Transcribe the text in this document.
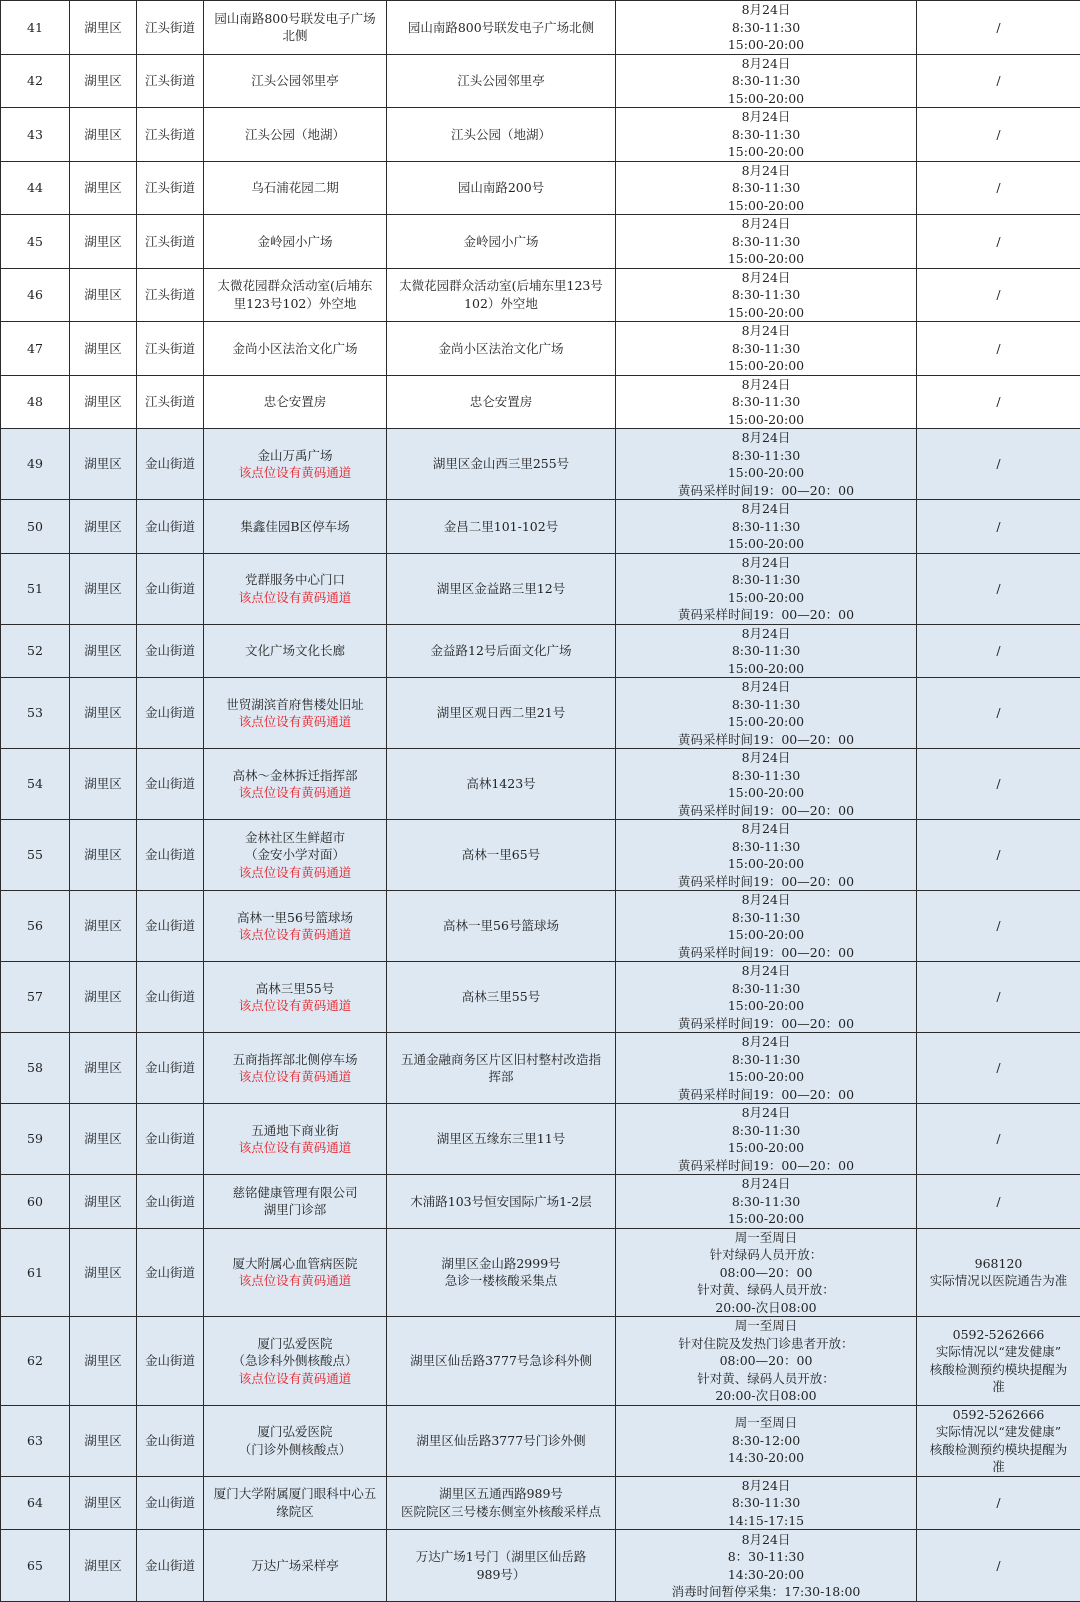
41	湖里区	江头街道	园山南路800号联发电子广场
北侧	园山南路800号联发电子广场北侧	8月24日
8:30-11:30
15:00-20:00	/

42	湖里区	江头街道	江头公园邻里亭	江头公园邻里亭	8月24日
8:30-11:30
15:00-20:00	/

43	湖里区	江头街道	江头公园（地湖）	江头公园（地湖）	8月24日
8:30-11:30
15:00-20:00	/

44	湖里区	江头街道	乌石浦花园二期	园山南路200号	8月24日
8:30-11:30
15:00-20:00	/

45	湖里区	江头街道	金岭园小广场	金岭园小广场	8月24日
8:30-11:30
15:00-20:00	/

46	湖里区	江头街道	太微花园群众活动室(后埔东
里123号102）外空地	太微花园群众活动室(后埔东里123号
102）外空地	8月24日
8:30-11:30
15:00-20:00	/

47	湖里区	江头街道	金尚小区法治文化广场	金尚小区法治文化广场	8月24日
8:30-11:30
15:00-20:00	/

48	湖里区	江头街道	忠仑安置房	忠仑安置房	8月24日
8:30-11:30
15:00-20:00	/

49	湖里区	金山街道	金山万禹广场
该点位设有黄码通道	湖里区金山西三里255号	8月24日
8:30-11:30
15:00-20:00
黄码采样时间19：00—20：00	/

50	湖里区	金山街道	集鑫佳园B区停车场	金昌二里101-102号	8月24日
8:30-11:30
15:00-20:00	/

51	湖里区	金山街道	党群服务中心门口
该点位设有黄码通道	湖里区金益路三里12号	8月24日
8:30-11:30
15:00-20:00
黄码采样时间19：00—20：00	/

52	湖里区	金山街道	文化广场文化长廊	金益路12号后面文化广场	8月24日
8:30-11:30
15:00-20:00	/

53	湖里区	金山街道	世贸湖滨首府售楼处旧址
该点位设有黄码通道	湖里区观日西二里21号	8月24日
8:30-11:30
15:00-20:00
黄码采样时间19：00—20：00	/

54	湖里区	金山街道	高林～金林拆迁指挥部
该点位设有黄码通道	高林1423号	8月24日
8:30-11:30
15:00-20:00
黄码采样时间19：00—20：00	/

55	湖里区	金山街道	金林社区生鲜超市
（金安小学对面）
该点位设有黄码通道	高林一里65号	8月24日
8:30-11:30
15:00-20:00
黄码采样时间19：00—20：00	/

56	湖里区	金山街道	高林一里56号篮球场
该点位设有黄码通道	高林一里56号篮球场	8月24日
8:30-11:30
15:00-20:00
黄码采样时间19：00—20：00	/

57	湖里区	金山街道	高林三里55号
该点位设有黄码通道	高林三里55号	8月24日
8:30-11:30
15:00-20:00
黄码采样时间19：00—20：00	/

58	湖里区	金山街道	五商指挥部北侧停车场
该点位设有黄码通道	五通金融商务区片区旧村整村改造指
挥部	8月24日
8:30-11:30
15:00-20:00
黄码采样时间19：00—20：00	/

59	湖里区	金山街道	五通地下商业街
该点位设有黄码通道	湖里区五缘东三里11号	8月24日
8:30-11:30
15:00-20:00
黄码采样时间19：00—20：00	/

60	湖里区	金山街道	慈铭健康管理有限公司
湖里门诊部	木浦路103号恒安国际广场1-2层	8月24日
8:30-11:30
15:00-20:00	/

61	湖里区	金山街道	厦大附属心血管病医院
该点位设有黄码通道	湖里区金山路2999号
急诊一楼核酸采集点	周一至周日
针对绿码人员开放：
08:00—20：00
针对黄、绿码人员开放：
20:00-次日08:00	968120
实际情况以医院通告为准

62	湖里区	金山街道	厦门弘爱医院
（急诊科外侧核酸点）
该点位设有黄码通道	湖里区仙岳路3777号急诊科外侧	周一至周日
针对住院及发热门诊患者开放：
08:00—20：00
针对黄、绿码人员开放：
20:00-次日08:00	0592-5262666
实际情况以“建发健康”
核酸检测预约模块提醒为
准

63	湖里区	金山街道	厦门弘爱医院
（门诊外侧核酸点）	湖里区仙岳路3777号门诊外侧	周一至周日
8:30-12:00
14:30-20:00	0592-5262666
实际情况以“建发健康”
核酸检测预约模块提醒为
准

64	湖里区	金山街道	厦门大学附属厦门眼科中心五
缘院区	湖里区五通西路989号
医院院区三号楼东侧室外核酸采样点	8月24日
8:30-11:30
14:15-17:15	/

65	湖里区	金山街道	万达广场采样亭	万达广场1号门（湖里区仙岳路
989号）	8月24日
8：30-11:30
14:30-20:00
消毒时间暂停采集：17:30-18:00	/
